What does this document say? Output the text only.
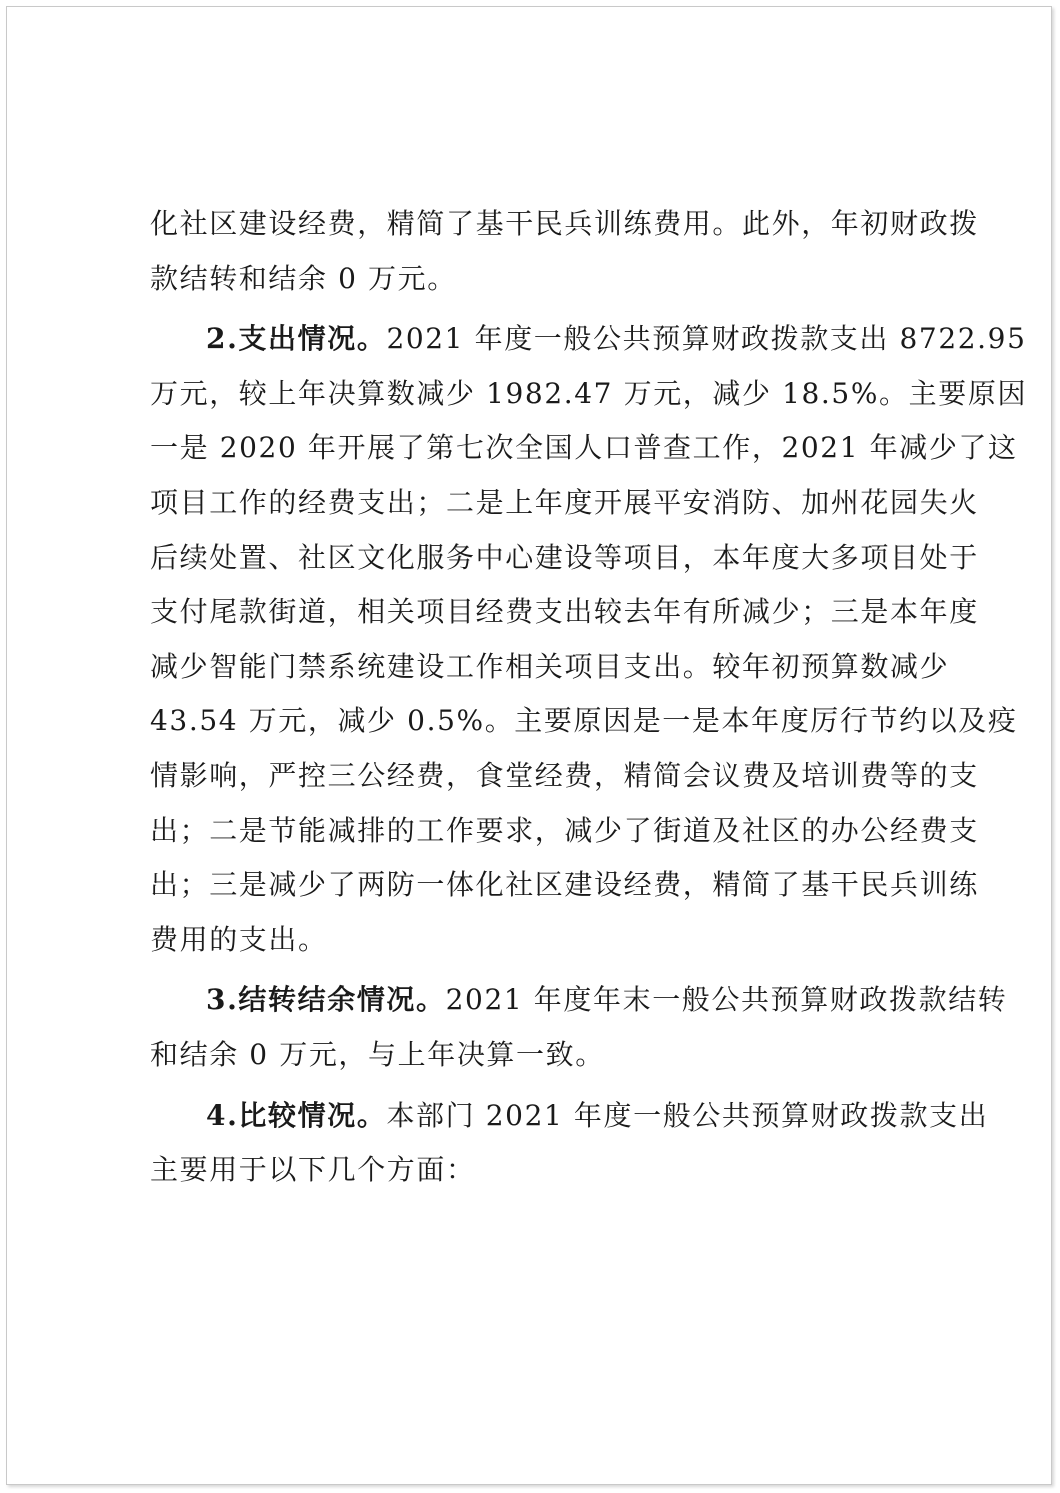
化社区建设经费，精简了基干民兵训练费用。此外，年初财政拨
款结转和结余 0 万元。
2.支出情况。2021 年度一般公共预算财政拨款支出 8722.95
万元，较上年决算数减少 1982.47 万元，减少 18.5%。主要原因
一是 2020 年开展了第七次全国人口普查工作，2021 年减少了这
项目工作的经费支出；二是上年度开展平安消防、加州花园失火
后续处置、社区文化服务中心建设等项目，本年度大多项目处于
支付尾款街道，相关项目经费支出较去年有所减少；三是本年度
减少智能门禁系统建设工作相关项目支出。较年初预算数减少
43.54 万元，减少 0.5%。主要原因是一是本年度厉行节约以及疫
情影响，严控三公经费，食堂经费，精简会议费及培训费等的支
出；二是节能减排的工作要求，减少了街道及社区的办公经费支
出；三是减少了两防一体化社区建设经费，精简了基干民兵训练
费用的支出。
3.结转结余情况。2021 年度年末一般公共预算财政拨款结转
和结余 0 万元，与上年决算一致。
4.比较情况。本部门 2021 年度一般公共预算财政拨款支出
主要用于以下几个方面：
